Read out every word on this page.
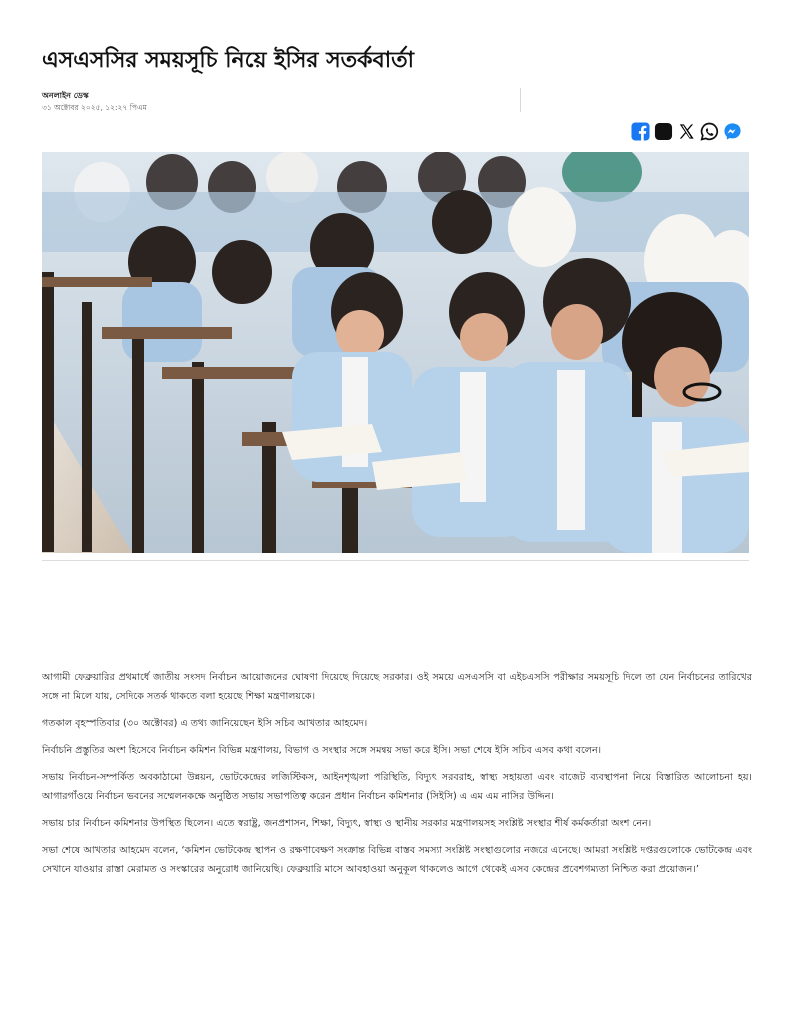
এসএসসির সময়সূচি নিয়ে ইসির সতর্কবার্তা
অনলাইন ডেস্ক
৩১ অক্টোবর ২০২৫, ১২:২৭ পিএম

আগামী ফেব্রুয়ারির প্রথমার্ধে জাতীয় সংসদ নির্বাচন আয়োজনের ঘোষণা দিয়েছে দিয়েছে সরকার। ওই সময়ে এসএসসি বা এইচএসসি পরীক্ষার সময়সূচি দিলে তা যেন নির্বাচনের তারিখের সঙ্গে না মিলে যায়, সেদিকে সতর্ক থাকতে বলা হয়েছে শিক্ষা মন্ত্রণালয়কে।

গতকাল বৃহস্পতিবার (৩০ অক্টোবর) এ তথ্য জানিয়েছেন ইসি সচিব আখতার আহমেদ।

নির্বাচনি প্রস্তুতির অংশ হিসেবে নির্বাচন কমিশন বিভিন্ন মন্ত্রণালয়, বিভাগ ও সংস্থার সঙ্গে সমন্বয় সভা করে ইসি। সভা শেষে ইসি সচিব এসব কথা বলেন।

সভায় নির্বাচন-সম্পর্কিত অবকাঠামো উন্নয়ন, ভোটকেন্দ্রের লজিস্টিকস, আইনশৃঙ্খলা পরিস্থিতি, বিদ্যুৎ সরবরাহ, স্বাস্থ্য সহায়তা এবং বাজেট ব্যবস্থাপনা নিয়ে বিস্তারিত আলোচনা হয়। আগারগাঁওয়ে নির্বাচন ভবনের সম্মেলনকক্ষে অনুষ্ঠিত সভায় সভাপতিত্ব করেন প্রধান নির্বাচন কমিশনার (সিইসি) এ এম এম নাসির উদ্দিন।

সভায় চার নির্বাচন কমিশনার উপস্থিত ছিলেন। এতে স্বরাষ্ট্র, জনপ্রশাসন, শিক্ষা, বিদ্যুৎ, স্বাস্থ্য ও স্থানীয় সরকার মন্ত্রণালয়সহ সংশ্লিষ্ট সংস্থার শীর্ষ কর্মকর্তারা অংশ নেন।

সভা শেষে আখতার আহমেদ বলেন, ‘কমিশন ভোটকেন্দ্র স্থাপন ও রক্ষণাবেক্ষণ সংক্রান্ত বিভিন্ন বাস্তব সমস্যা সংশ্লিষ্ট সংস্থাগুলোর নজরে এনেছে। আমরা সংশ্লিষ্ট দপ্তরগুলোকে ভোটকেন্দ্র এবং সেখানে যাওয়ার রাস্তা মেরামত ও সংস্কারের অনুরোধ জানিয়েছি। ফেব্রুয়ারি মাসে আবহাওয়া অনুকূল থাকলেও আগে থেকেই এসব কেন্দ্রের প্রবেশগম্যতা নিশ্চিত করা প্রয়োজন।’
